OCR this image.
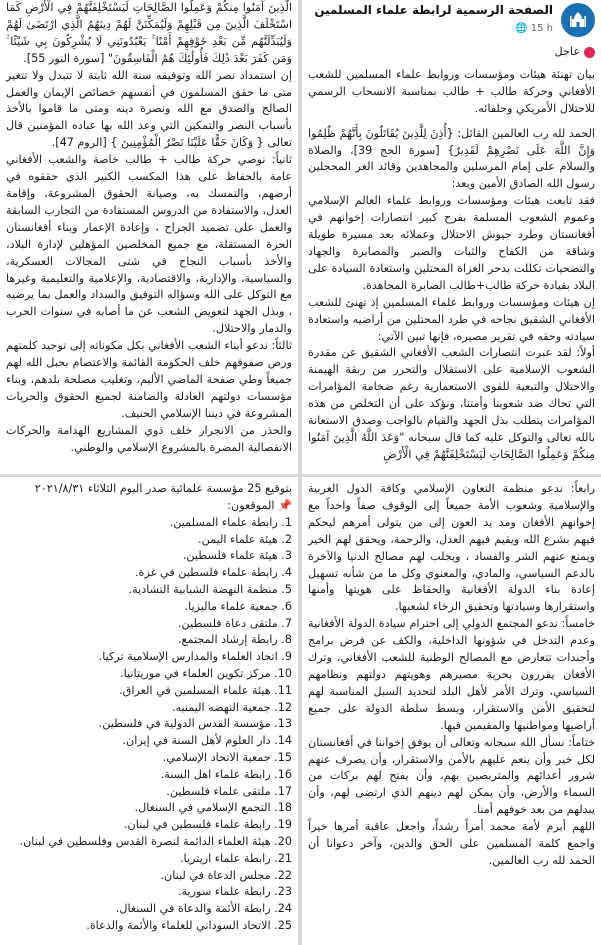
الصفحة الرسمية لرابطة علماء المسلمين
🌐 15 h
عاجل
بيان تهنئة هيئات ومؤسسات وروابط علماء المسلمين للشعب الأفغاني وحركة طالب + طالب بمناسبة الانسحاب الرسمي للاحتلال الأمريكي وحلفائه.
الحمد لله رب العالمين القائل: {أُذِنَ لِلَّذِينَ يُقَاتَلُونَ بِأَنَّهُمْ ظُلِمُوا وَإِنَّ اللَّهَ عَلَى نَصْرِهِمْ لَقَدِيرٌ} [سورة الحج 39]، والصلاة والسلام على إمام المرسلين والمجاهدين وقائد الغر المحجلين رسول الله الصادق الأمين وبعد:
فقد تابعت هيئات ومؤسسات وروابط علماء العالم الإسلامي وعموم الشعوب المسلمة بفرح كبير انتصارات إخوانهم في أفغانستان وطرد جيوش الاحتلال وعملائه بعد مسيرة طويلة وشاقة من الكفاح والثبات والصبر والمصابرة والجهاد والتضحيات تكللت بدحر الغزاة المحتلين واستعادة السيادة على البلاد بقيادة حركة طالب+طالب الصابرة المجاهدة.
إن هيئات ومؤسسات وروابط علماء المسلمين إذ تهنئ للشعب الأفغاني الشقيق نجاحه في طرد المحتلين من أراضيه واستعادة سيادته وحقه في تقرير مصيره، فإنها تبين الآتي:
أولاً: لقد عبرت انتصارات الشعب الأفغاني الشقيق عن مقدرة الشعوب الإسلامية على الاستقلال والتحرر من ربقة الهيمنة والاحتلال والتبعية للقوى الاستعمارية رغم ضخامة المؤامرات التي تحاك ضد شعوبنا وأمتنا، ونؤكد على أن التخلص من هذه المؤامرات يتطلب بذل الجهد والقيام بالواجب وصدق الاستعانة بالله تعالى والتوكل عليه كما قال سبحانه "وَعَدَ اللَّهُ الَّذِينَ آمَنُوا مِنكُمْ وَعَمِلُوا الصَّالِحَاتِ لَيَسْتَخْلِفَنَّهُمْ فِي الْأَرْضِ
الَّذِينَ آمَنُوا مِنكُمْ وَعَمِلُوا الصَّالِحَاتِ لَيَسْتَخْلِفَنَّهُمْ فِي الْأَرْضِ كَمَا اسْتَخْلَفَ الَّذِينَ مِن قَبْلِهِمْ وَلَيُمَكِّنَنَّ لَهُمْ دِينَهُمُ الَّذِي ارْتَضَىٰ لَهُمْ وَلَيُبَدِّلَنَّهُم مِّن بَعْدِ خَوْفِهِمْ أَمْنًا ۚ يَعْبُدُونَنِي لَا يُشْرِكُونَ بِي شَيْئًا ۚ وَمَن كَفَرَ بَعْدَ ذَٰلِكَ فَأُولَٰئِكَ هُمُ الْفَاسِقُونَ" [سورة النور 55].
إن استمداد نصر الله وتوفيقه سنة الله ثابتة لا تتبدل ولا تتغير متى ما حقق المسلمون في أنفسهم خصائص الإيمان والعمل الصالح والصدق مع الله ونصرة دينه ومتى ما قاموا بالأخذ بأسباب النصر والتمكين التي وعد الله بها عباده المؤمنين قال تعالى { وَكَانَ حَقًّا عَلَيْنَا نَصْرُ الْمُؤْمِنِينَ } [الروم 47].
ثانياً: نوصي حركة طالب + طالب خاصة والشعب الأفغاني عامة بالحفاظ على هذا المكسب الكبير الذي حققوه في أرضهم، والتمسك به، وصيانة الحقوق المشروعة، وإقامة العدل، والاستفادة من الدروس المستفادة من التجارب السابقة والعمل على تضميد الجراح ، وإعادة الإعمار وبناء أفغانستان الحرة المستقلة، مع جميع المخلصين المؤهلين لإدارة البلاد، والأخذ بأسباب النجاح في شتى المجالات العسكرية، والسياسية، والإدارية، والاقتصادية، والإعلامية والتعليمية وغيرها مع التوكل على الله وسؤاله التوفيق والسداد والعمل بما يرضيه ، وبذل الجهد لتعويض الشعب عن ما أصابه في سنوات الحرب والدمار والاحتلال.
ثالثاً: ندعو أبناء الشعب الأفغاني بكل مكوناته إلى توحيد كلمتهم ورص صفوفهم خلف الحكومة القائمة والاعتصام بحبل الله لهم جميعاً وطي صفحة الماضي الأليم، وتغليب مصلحة بلدهم، وبناء مؤسسات دولتهم العادلة والضامنة لجميع الحقوق والحريات المشروعة في ديننا الإسلامي الحنيف.
والحذر من الانجرار خلف ذوي المشاريع الهدامة والحركات الانفصالية المضرة بالمشروع الإسلامي والوطني.
رابعاً: ندعو منظمة التعاون الإسلامي وكافة الدول العربية والإسلامية وشعوب الأمة جميعاً إلى الوقوف صفاً واحداً مع إخوانهم الأفغان ومد يد العون إلى من يتولى أمرهم ليحكم فيهم بشرع الله ويقيم فيهم العدل، والرحمة، ويحقق لهم الخير ويمنع عنهم الشر والفساد ، ويجلب لهم مصالح الدنيا والآخرة بالدعم السياسي، والمادي، والمعنوي وكل ما من شأنه تسهيل إعادة بناء الدولة الأفغانية والحفاظ على هويتها وأمنها واستقرارها وسيادتها وتحقيق الرخاء لشعبها.
خامساً: ندعو المجتمع الدولي إلى احترام سيادة الدولة الأفغانية وعدم التدخل في شؤونها الداخلية، والكف عن فرض برامج وأجندات تتعارض مع المصالح الوطنية للشعب الأفغاني، وترك الأفغان يقررون بحرية مصيرهم وهويتهم دولتهم ونظامهم السياسي، وترك الأمر لأهل البلد لتحديد السبل المناسبة لهم لتحقيق الأمن والاستقرار، وبسط سلطة الدولة على جميع أراضيها ومواطنيها والمقيمين فيها.
ختاماً: نسأل الله سبحانه وتعالى أن يوفق إخواننا في أفغانستان لكل خير وأن ينعم عليهم بالأمن والاستقرار، وأن يصرف عنهم شرور أعدائهم والمتربصين بهم، وأن يفتح لهم بركات من السماء والأرض، وأن يمكن لهم دينهم الذي ارتضى لهم، وأن يبدلهم من بعد خوفهم أمنا.
اللهم أبرم لأمة محمد أمراً رشداً، واجعل عاقبة أمرها خيراً واجمع كلمة المسلمين على الحق والدين، وآخر دعوانا أن الحمد لله رب العالمين.
بتوقيع 25 مؤسسة علمائية صدر اليوم الثلاثاء ٢٠٢١/٨/٣١
📌 الموقعون:
1. رابطة علماء المسلمين.
2. هيئة علماء اليمن.
3. هيئة علماء فلسطين.
4. رابطة علماء فلسطين في غزة.
5. منظمة النهضة الشبابية التشادية.
6. جمعية علماء ماليزيا.
7. ملتقى دعاة فلسطين.
8. رابطة إرشاد المجتمع.
9. اتحاد العلماء والمدارس الإسلامية تركيا.
10. مركز تكوين العلماء في موريتانيا.
11. هيئة علماء المسلمين في العراق.
12. جمعية النهضه اليمنيه.
13. مؤسسة القدس الدولية في فلسطين.
14. دار العلوم لأهل السنة في إيران.
15. جمعية الاتحاد الإسلامي.
16. رابطة علماء اهل السنة.
17. ملتقى علماء فلسطين.
18. التجمع الإسلامي في السنغال.
19. رابطة علماء فلسطين في لبنان.
20. هيئة العلماء الدائمة لنصرة القدس وفلسطين في لبنان.
21. رابطة علماء اريتريا.
22. مجلس الدعاة في لبنان.
23. رابطة علماء سورية.
24. رابطة الأئمة والدعاة في السنغال.
25. الاتحاد السوداني للعلماء والأئمة والدعاة.
